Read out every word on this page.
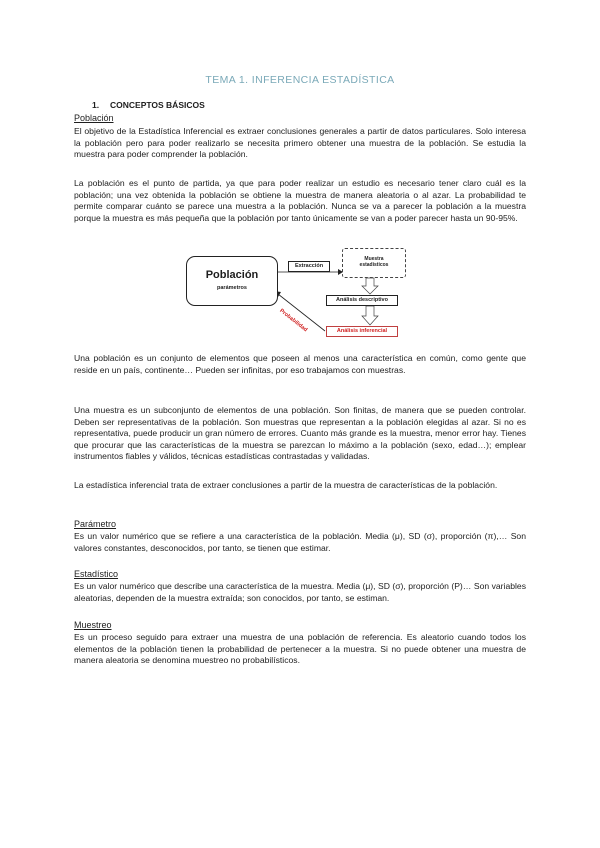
TEMA 1. INFERENCIA ESTADÍSTICA
1. CONCEPTOS BÁSICOS
Población

El objetivo de la Estadística Inferencial es extraer conclusiones generales a partir de datos particulares. Solo interesa la población pero para poder realizarlo se necesita primero obtener una muestra de la población. Se estudia la muestra para poder comprender la población.

La población es el punto de partida, ya que para poder realizar un estudio es necesario tener claro cuál es la población; una vez obtenida la población se obtiene la muestra de manera aleatoria o al azar. La probabilidad te permite comparar cuánto se parece una muestra a la población. Nunca se va a parecer la población a la muestra porque la muestra es más pequeña que la población por tanto únicamente se van a poder parecer hasta un 90-95%.

Población
parámetros
Extracción
Muestra
estadísticos
Análisis descriptivo
Probabilidad	Análisis inferencial

Una población es un conjunto de elementos que poseen al menos una característica en común, como gente que reside en un país, continente… Pueden ser infinitas, por eso trabajamos con muestras.

Una muestra es un subconjunto de elementos de una población. Son finitas, de manera que se pueden controlar. Deben ser representativas de la población. Son muestras que representan a la población elegidas al azar. Si no es representativa, puede producir un gran número de errores. Cuanto más grande es la muestra, menor error hay. Tienes que procurar que las características de la muestra se parezcan lo máximo a la población (sexo, edad…); emplear instrumentos fiables y válidos, técnicas estadísticas contrastadas y validadas.

La estadística inferencial trata de extraer conclusiones a partir de la muestra de características de la población.

Parámetro

Es un valor numérico que se refiere a una característica de la población. Media (μ), SD (σ), proporción (π),… Son valores constantes, desconocidos, por tanto, se tienen que estimar.

Estadístico

Es un valor numérico que describe una característica de la muestra. Media (μ), SD (σ), proporción (P)… Son variables aleatorias, dependen de la muestra extraída; son conocidos, por tanto, se estiman.

Muestreo

Es un proceso seguido para extraer una muestra de una población de referencia. Es aleatorio cuando todos los elementos de la población tienen la probabilidad de pertenecer a la muestra. Si no puede obtener una muestra de manera aleatoria se denomina muestreo no probabilísticos.
